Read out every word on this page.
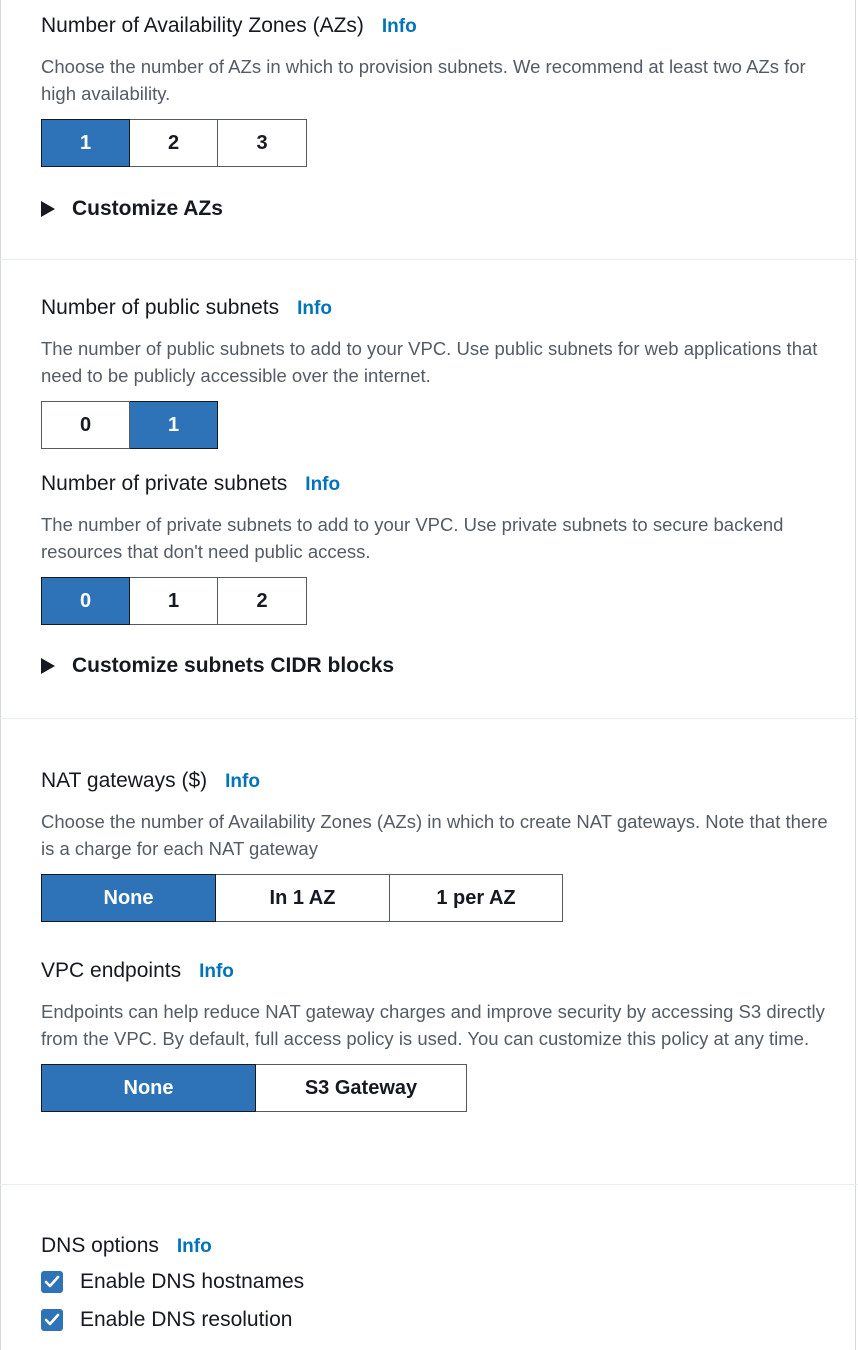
Number of Availability Zones (AZs) Info
Choose the number of AZs in which to provision subnets. We recommend at least two AZs for high availability.
1	2	3
Customize AZs
Number of public subnets Info
The number of public subnets to add to your VPC. Use public subnets for web applications that need to be publicly accessible over the internet.
0	1
Number of private subnets Info
The number of private subnets to add to your VPC. Use private subnets to secure backend resources that don't need public access.
0	1	2
Customize subnets CIDR blocks
NAT gateways ($) Info
Choose the number of Availability Zones (AZs) in which to create NAT gateways. Note that there is a charge for each NAT gateway
None	In 1 AZ	1 per AZ
VPC endpoints Info
Endpoints can help reduce NAT gateway charges and improve security by accessing S3 directly from the VPC. By default, full access policy is used. You can customize this policy at any time.
None	S3 Gateway
DNS options Info
Enable DNS hostnames
Enable DNS resolution
